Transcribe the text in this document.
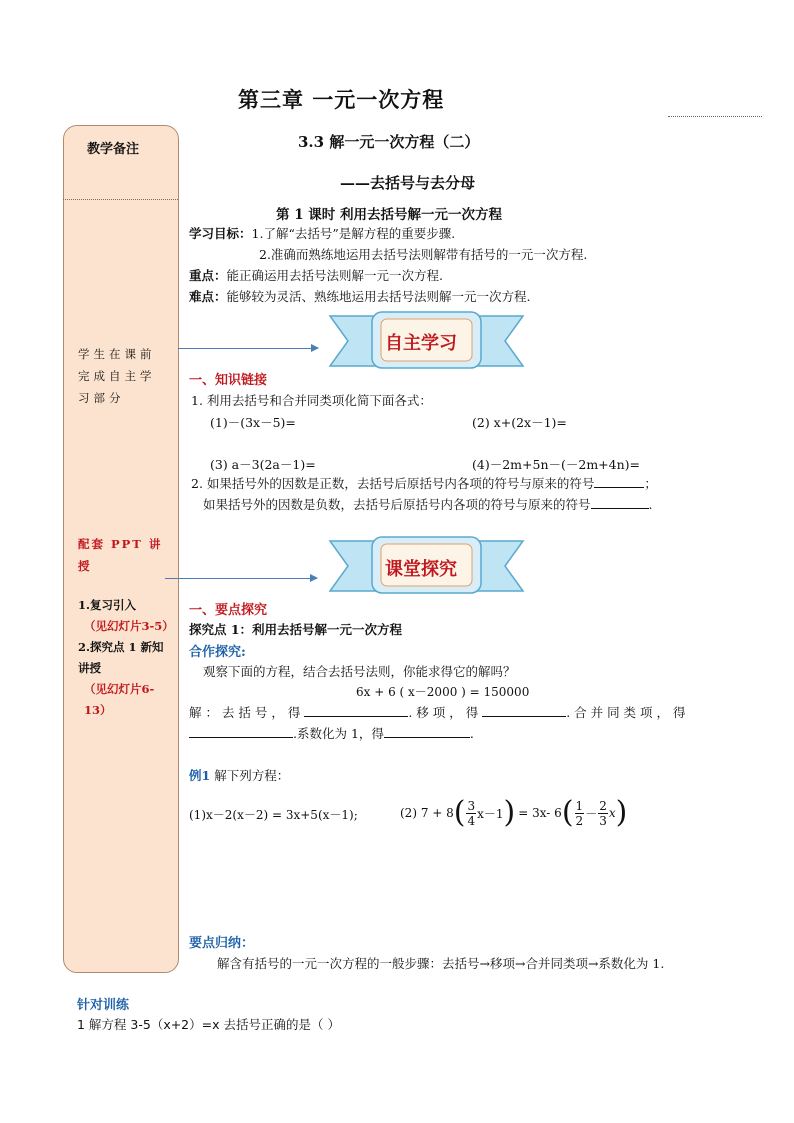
第三章 一元一次方程
教学备注
学生在课前完成自主学习部分
配套 PPT 讲授
1.复习引入
（见幻灯片3-5）
2.探究点 1 新知讲授
（见幻灯片6-13）
3.3 解一元一次方程（二）
——去括号与去分母
第 1 课时 利用去括号解一元一次方程
学习目标：1.了解“去括号”是解方程的重要步骤.
2.准确而熟练地运用去括号法则解带有括号的一元一次方程.
重点：能正确运用去括号法则解一元一次方程.
难点：能够较为灵活、熟练地运用去括号法则解一元一次方程.
自主学习
一、知识链接
1. 利用去括号和合并同类项化简下面各式：
(1)－(3x－5)=	(2) x+(2x－1)=
(3) a－3(2a－1)=	(4)－2m+5n－(－2m+4n)=
2. 如果括号外的因数是正数，去括号后原括号内各项的符号与原来的符号	；
如果括号外的因数是负数，去括号后原括号内各项的符号与原来的符号	.
课堂探究
一、要点探究
探究点 1：利用去括号解一元一次方程
合作探究:
观察下面的方程，结合去括号法则，你能求得它的解吗？
6x + 6 ( x－2000 ) = 150000
解 ： 去 括 号 ， 得	. 移 项 ， 得	. 合 并 同 类 项 ， 得
.系数化为 1，得	.
例1 解下列方程：
(1)x－2(x－2) = 3x+5(x－1);	(2) 7 + 8 ( $\frac{3}{4} x-1$ ) = 3x- 6 ( $\frac{1}{2} - \frac{2}{3}$ x )
要点归纳：
解含有括号的一元一次方程的一般步骤：去括号→移项→合并同类项→系数化为 1.
针对训练
1 解方程 3-5（x+2）=x 去括号正确的是（ ）
